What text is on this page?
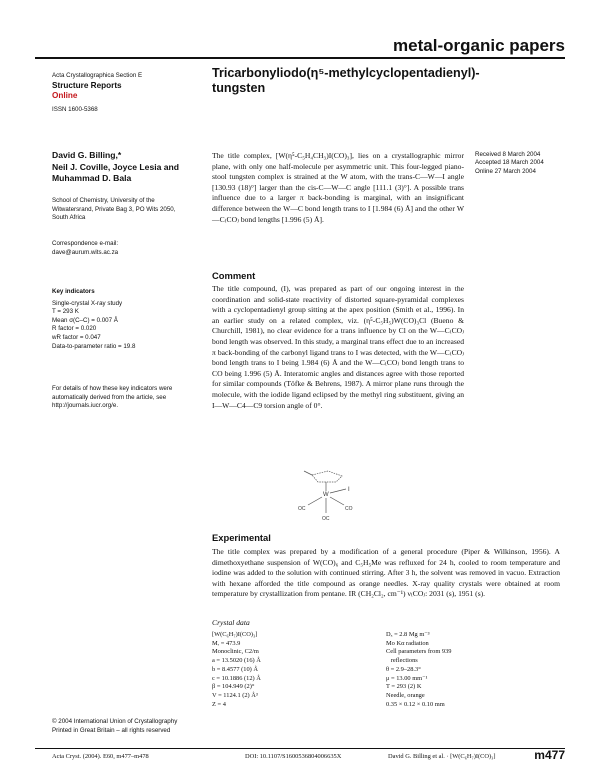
metal-organic papers
Acta Crystallographica Section E
Structure Reports
Online
ISSN 1600-5368
David G. Billing,*
Neil J. Coville, Joyce Lesia and
Muhammad D. Bala
School of Chemistry, University of the
Witwatersrand, Private Bag 3, PO Wits 2050,
South Africa
Correspondence e-mail:
dave@aurum.wits.ac.za
Key indicators
Single-crystal X-ray study
T = 293 K
Mean σ(C–C) = 0.007 Å
R factor = 0.020
wR factor = 0.047
Data-to-parameter ratio = 19.8
For details of how these key indicators were
automatically derived from the article, see
http://journals.iucr.org/e.
© 2004 International Union of Crystallography
Printed in Great Britain – all rights reserved
Tricarbonyliodo(η⁵-methylcyclopentadienyl)-
tungsten
The title complex, [W(η⁵-C₅H₄CH₃)I(CO)₃], lies on a crystallographic mirror plane, with only one half-molecule per asymmetric unit. This four-legged piano-stool tungsten complex is strained at the W atom, with the trans-C—W—I angle [130.93 (18)°] larger than the cis-C—W—C angle [111.1 (3)°]. A possible trans influence due to a larger π back-bonding is marginal, with an insignificant difference between the W—C bond length trans to I [1.984 (6) Å] and the other W—C₍CO₎ bond lengths [1.996 (5) Å].
Received 8 March 2004
Accepted 18 March 2004
Online 27 March 2004
Comment
The title compound, (I), was prepared as part of our ongoing interest in the coordination and solid-state reactivity of distorted square-pyramidal complexes with a cyclopentadienyl group sitting at the apex position (Smith et al., 1996). In an earlier study on a related complex, viz. (η⁵-C₅H₅)W(CO)₃Cl (Bueno & Churchill, 1981), no clear evidence for a trans influence by Cl on the W—C₍CO₎ bond length was observed. In this study, a marginal trans effect due to an increased π back-bonding of the carbonyl ligand trans to I was detected, with the W—C₍CO₎ bond length trans to I being 1.984 (6) Å and the W—C₍CO₎ bond length trans to CO being 1.996 (5) Å. Interatomic angles and distances agree with those reported for similar compounds (Töfke & Behrens, 1987). A mirror plane runs through the molecule, with the iodide ligand eclipsed by the methyl ring substituent, giving an I—W—C4—C9 torsion angle of 0°.
W
I
OC	CO
OC
Experimental
The title complex was prepared by a modification of a general procedure (Piper & Wilkinson, 1956). A dimethoxyethane suspension of W(CO)₆ and C₅H₅Me was refluxed for 24 h, cooled to room temperature and iodine was added to the solution with continued stirring. After 3 h, the solvent was removed in vacuo. Extraction with hexane afforded the title compound as orange needles. X-ray quality crystals were obtained at room temperature by crystallization from pentane. IR (CH₂Cl₂, cm⁻¹) ν₍CO₎: 2031 (s), 1951 (s).
Crystal data
[W(C₆H₇)I(CO)₃]
Mᵣ = 473.9
Monoclinic, C2/m
a = 13.5020 (16) Å
b = 8.4577 (10) Å
c = 10.1886 (12) Å
β = 104.949 (2)°
V = 1124.1 (2) Å³
Z = 4
Dₓ = 2.8 Mg m⁻³
Mo Kα radiation
Cell parameters from 939
reflections
θ = 2.9–28.3°
μ = 13.00 mm⁻¹
T = 293 (2) K
Needle, orange
0.35 × 0.12 × 0.10 mm
Acta Cryst. (2004). E60, m477–m478	DOI: 10.1107/S1600536804006635X	David G. Billing et al. · [W(C₆H₇)I(CO)₃]	m477
